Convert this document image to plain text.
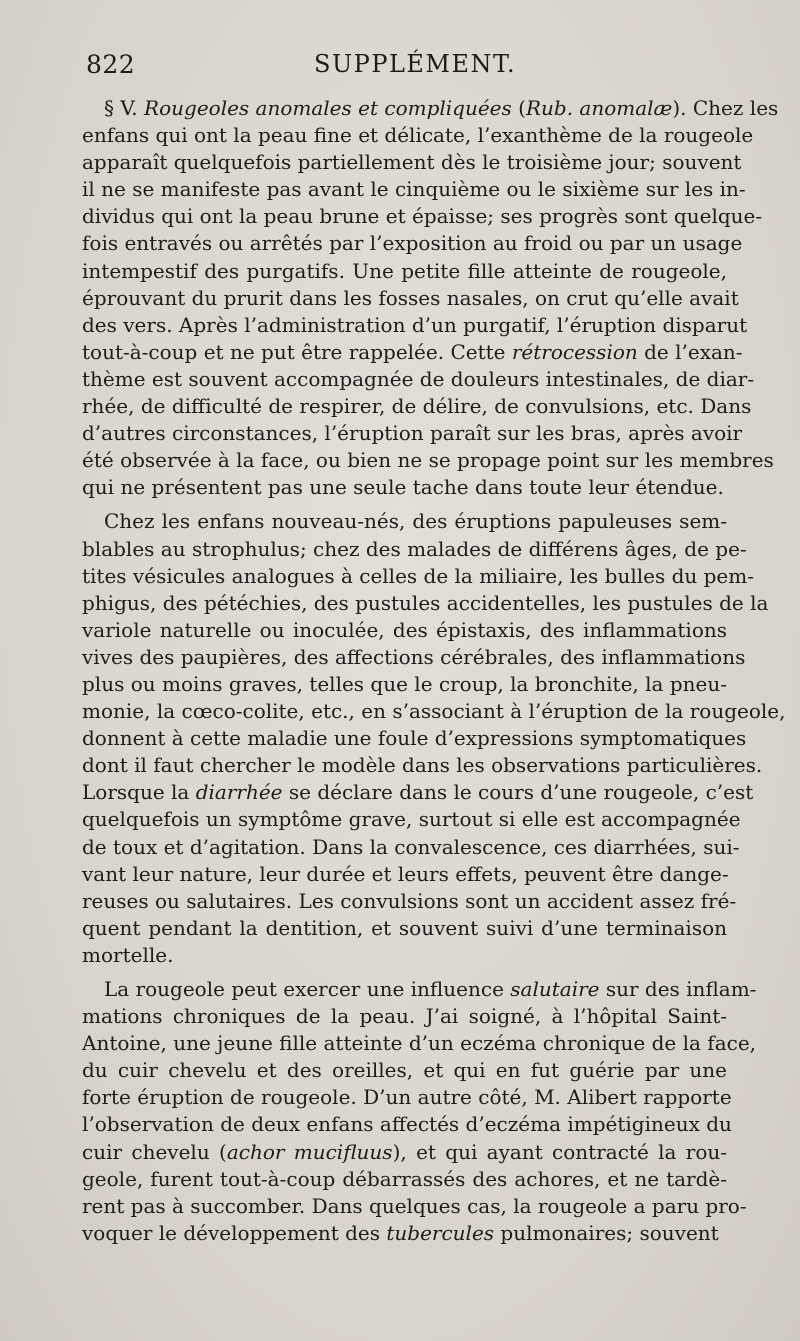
822	SUPPLÉMENT.

§ V. Rougeoles anomales et compliquées (Rub. anomalæ). Chez les
enfans qui ont la peau fine et délicate, l’exanthème de la rougeole
apparaît quelquefois partiellement dès le troisième jour; souvent
il ne se manifeste pas avant le cinquième ou le sixième sur les in-
dividus qui ont la peau brune et épaisse; ses progrès sont quelque-
fois entravés ou arrêtés par l’exposition au froid ou par un usage
intempestif des purgatifs. Une petite fille atteinte de rougeole,
éprouvant du prurit dans les fosses nasales, on crut qu’elle avait
des vers. Après l’administration d’un purgatif, l’éruption disparut
tout-à-coup et ne put être rappelée. Cette rétrocession de l’exan-
thème est souvent accompagnée de douleurs intestinales, de diar-
rhée, de difficulté de respirer, de délire, de convulsions, etc. Dans
d’autres circonstances, l’éruption paraît sur les bras, après avoir
été observée à la face, ou bien ne se propage point sur les membres
qui ne présentent pas une seule tache dans toute leur étendue.

Chez les enfans nouveau-nés, des éruptions papuleuses sem-
blables au strophulus; chez des malades de différens âges, de pe-
tites vésicules analogues à celles de la miliaire, les bulles du pem-
phigus, des pétéchies, des pustules accidentelles, les pustules de la
variole naturelle ou inoculée, des épistaxis, des inflammations
vives des paupières, des affections cérébrales, des inflammations
plus ou moins graves, telles que le croup, la bronchite, la pneu-
monie, la cœco-colite, etc., en s’associant à l’éruption de la rougeole,
donnent à cette maladie une foule d’expressions symptomatiques
dont il faut chercher le modèle dans les observations particulières.
Lorsque la diarrhée se déclare dans le cours d’une rougeole, c’est
quelquefois un symptôme grave, surtout si elle est accompagnée
de toux et d’agitation. Dans la convalescence, ces diarrhées, sui-
vant leur nature, leur durée et leurs effets, peuvent être dange-
reuses ou salutaires. Les convulsions sont un accident assez fré-
quent pendant la dentition, et souvent suivi d’une terminaison
mortelle.

La rougeole peut exercer une influence salutaire sur des inflam-
mations chroniques de la peau. J’ai soigné, à l’hôpital Saint-
Antoine, une jeune fille atteinte d’un eczéma chronique de la face,
du cuir chevelu et des oreilles, et qui en fut guérie par une
forte éruption de rougeole. D’un autre côté, M. Alibert rapporte
l’observation de deux enfans affectés d’eczéma impétigineux du
cuir chevelu (achor mucifluus), et qui ayant contracté la rou-
geole, furent tout-à-coup débarrassés des achores, et ne tardè-
rent pas à succomber. Dans quelques cas, la rougeole a paru pro-
voquer le développement des tubercules pulmonaires; souvent
